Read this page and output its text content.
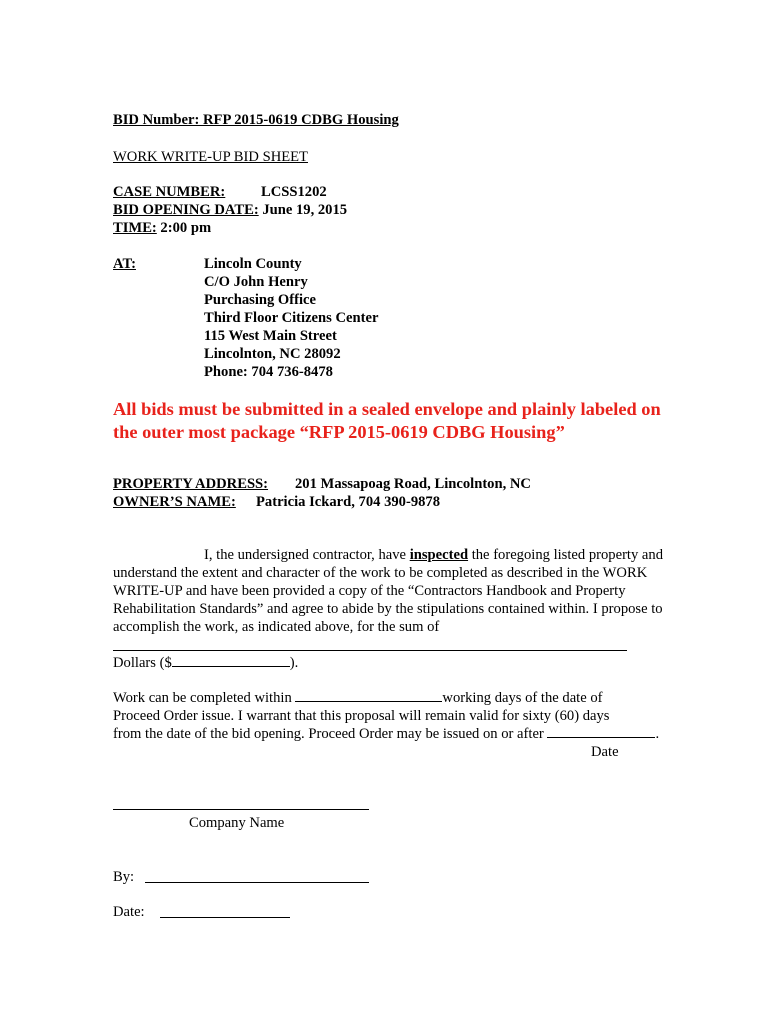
BID Number: RFP 2015-0619 CDBG Housing
WORK WRITE-UP BID SHEET
CASE NUMBER: LCSS1202
BID OPENING DATE: June 19, 2015
TIME: 2:00 pm
AT:	Lincoln County
C/O John Henry
Purchasing Office
Third Floor Citizens Center
115 West Main Street
Lincolnton, NC 28092
Phone: 704 736-8478
All bids must be submitted in a sealed envelope and plainly labeled on
the outer most package “RFP 2015-0619 CDBG Housing”
PROPERTY ADDRESS: 201 Massapoag Road, Lincolnton, NC
OWNER’S NAME: Patricia Ickard, 704 390-9878
I, the undersigned contractor, have inspected the foregoing listed property and understand the extent and character of the work to be completed as described in the WORK WRITE-UP and have been provided a copy of the “Contractors Handbook and Property Rehabilitation Standards” and agree to abide by the stipulations contained within. I propose to accomplish the work, as indicated above, for the sum of
Dollars ($	).
Work can be completed within	working days of the date of
Proceed Order issue. I warrant that this proposal will remain valid for sixty (60) days
from the date of the bid opening. Proceed Order may be issued on or after	.
Date
Company Name
By:
Date:
